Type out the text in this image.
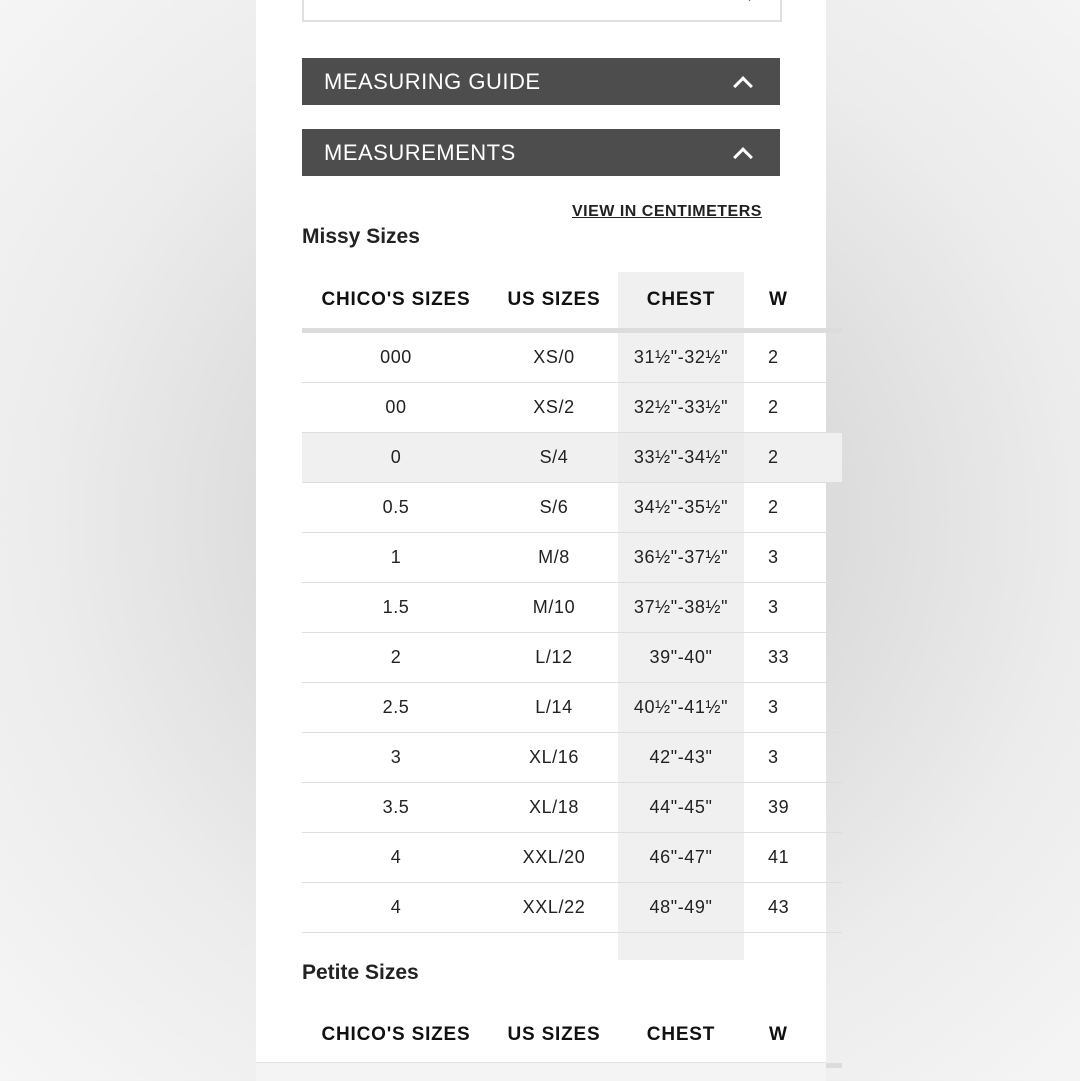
MEASURING GUIDE
MEASUREMENTS
VIEW IN CENTIMETERS
Missy Sizes
CHICO'S SIZES	US SIZES	CHEST	W
000	XS/0	31½"-32½"	2
00	XS/2	32½"-33½"	2
0	S/4	33½"-34½"	2
0.5	S/6	34½"-35½"	2
1	M/8	36½"-37½"	3
1.5	M/10	37½"-38½"	3
2	L/12	39"-40"	33
2.5	L/14	40½"-41½"	3
3	XL/16	42"-43"	3
3.5	XL/18	44"-45"	39
4	XXL/20	46"-47"	41
4	XXL/22	48"-49"	43
Petite Sizes
CHICO'S SIZES	US SIZES	CHEST	W
